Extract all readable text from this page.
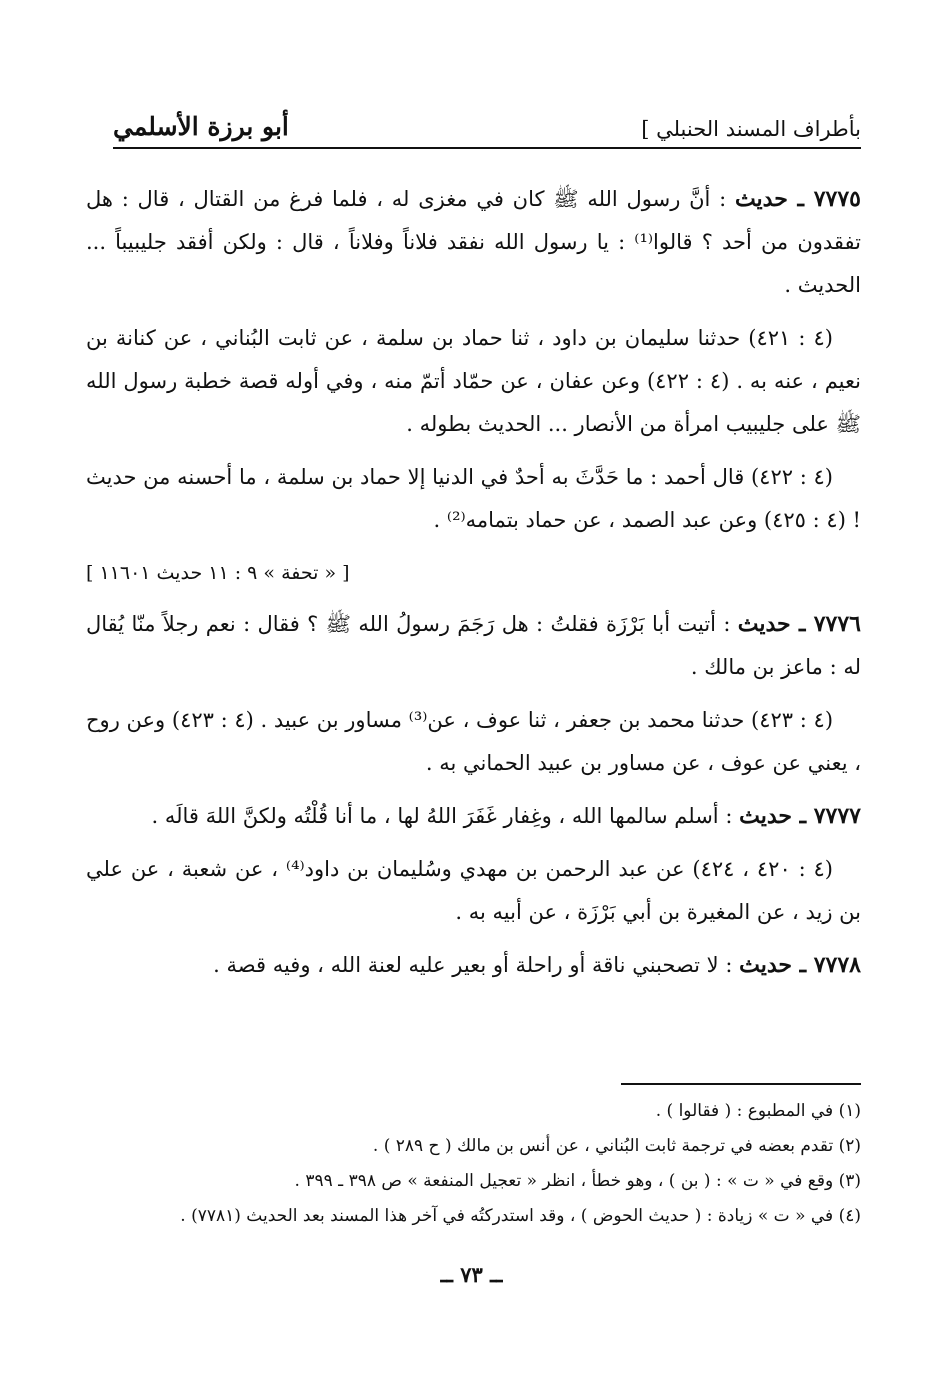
بأطراف المسند الحنبلي ]
أبو برزة الأسلمي

٧٧٧٥ ـ حديث : أنَّ رسول الله ﷺ كان في مغزى له ، فلما فرغ من القتال ، قال : هل تفقدون من أحد ؟ قالوا⁽¹⁾ : يا رسول الله نفقد فلاناً وفلاناً ، قال : ولكن أفقد جليبيباً ... الحديث .

(٤ : ٤٢١) حدثنا سليمان بن داود ، ثنا حماد بن سلمة ، عن ثابت البُناني ، عن كنانة بن نعيم ، عنه به . (٤ : ٤٢٢) وعن عفان ، عن حمّاد أتمّ منه ، وفي أوله قصة خطبة رسول الله ﷺ على جليبيب امرأة من الأنصار ... الحديث بطوله .

(٤ : ٤٢٢) قال أحمد : ما حَدَّثَ به أحدٌ في الدنيا إلا حماد بن سلمة ، ما أحسنه من حديث ! (٤ : ٤٢٥) وعن عبد الصمد ، عن حماد بتمامه⁽²⁾ .

[ « تحفة » ٩ : ١١ حديث ١١٦٠١ ]

٧٧٧٦ ـ حديث : أتيت أبا بَرْزَة فقلتُ : هل رَجَمَ رسولُ الله ﷺ ؟ فقال : نعم رجلاً منّا يُقال له : ماعز بن مالك .

(٤ : ٤٢٣) حدثنا محمد بن جعفر ، ثنا عوف ، عن⁽³⁾ مساور بن عبيد . (٤ : ٤٢٣) وعن روح ، يعني عن عوف ، عن مساور بن عبيد الحماني به .

٧٧٧٧ ـ حديث : أسلم سالمها الله ، وغِفار غَفَرَ اللهُ لها ، ما أنا قُلْتُه ولكنَّ اللهَ قالَه .

(٤ : ٤٢٠ ، ٤٢٤) عن عبد الرحمن بن مهدي وسُليمان بن داود⁽⁴⁾ ، عن شعبة ، عن علي بن زيد ، عن المغيرة بن أبي بَرْزَة ، عن أبيه به .

٧٧٧٨ ـ حديث : لا تصحبني ناقة أو راحلة أو بعير عليه لعنة الله ، وفيه قصة .

(١) في المطبوع : ( فقالوا ) .

(٢) تقدم بعضه في ترجمة ثابت البُناني ، عن أنس بن مالك ( ح ٢٨٩ ) .

(٣) وقع في « ت » : ( بن ) ، وهو خطأ ، انظر « تعجيل المنفعة » ص ٣٩٨ ـ ٣٩٩ .

(٤) في « ت » زيادة : ( حديث الحوض ) ، وقد استدركتُه في آخر هذا المسند بعد الحديث (٧٧٨١) .

ــ ٧٣ ــ
